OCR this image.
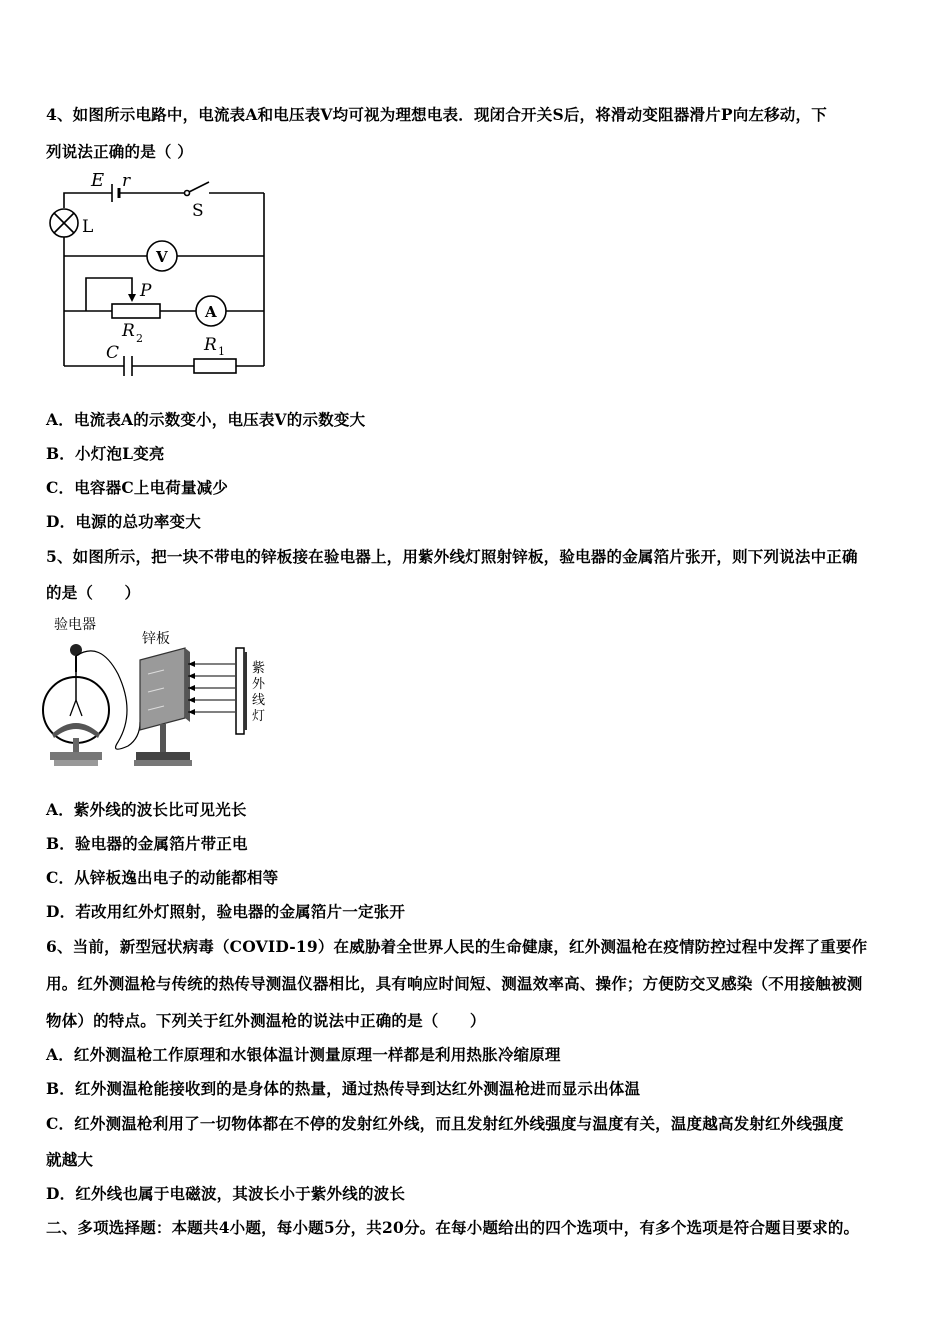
4、如图所示电路中，电流表A和电压表V均可视为理想电表．现闭合开关S后，将滑动变阻器滑片P向左移动，下
列说法正确的是（ ）
E r
S
L
V
A
P
R 2
C	R 1
A．电流表A的示数变小，电压表V的示数变大
B．小灯泡L变亮
C．电容器C上电荷量减少
D．电源的总功率变大
5、如图所示，把一块不带电的锌板接在验电器上，用紫外线灯照射锌板，验电器的金属箔片张开，则下列说法中正确
的是（　　）
验电器
锌板
紫
外
线
灯
A．紫外线的波长比可见光长
B．验电器的金属箔片带正电
C．从锌板逸出电子的动能都相等
D．若改用红外灯照射，验电器的金属箔片一定张开
6、当前，新型冠状病毒（COVID-19）在威胁着全世界人民的生命健康，红外测温枪在疫情防控过程中发挥了重要作
用。红外测温枪与传统的热传导测温仪器相比，具有响应时间短、测温效率高、操作；方便防交叉感染（不用接触被测
物体）的特点。下列关于红外测温枪的说法中正确的是（　　）
A．红外测温枪工作原理和水银体温计测量原理一样都是利用热胀冷缩原理
B．红外测温枪能接收到的是身体的热量，通过热传导到达红外测温枪进而显示出体温
C．红外测温枪利用了一切物体都在不停的发射红外线，而且发射红外线强度与温度有关，温度越高发射红外线强度
就越大
D．红外线也属于电磁波，其波长小于紫外线的波长
二、多项选择题：本题共4小题，每小题5分，共20分。在每小题给出的四个选项中，有多个选项是符合题目要求的。
